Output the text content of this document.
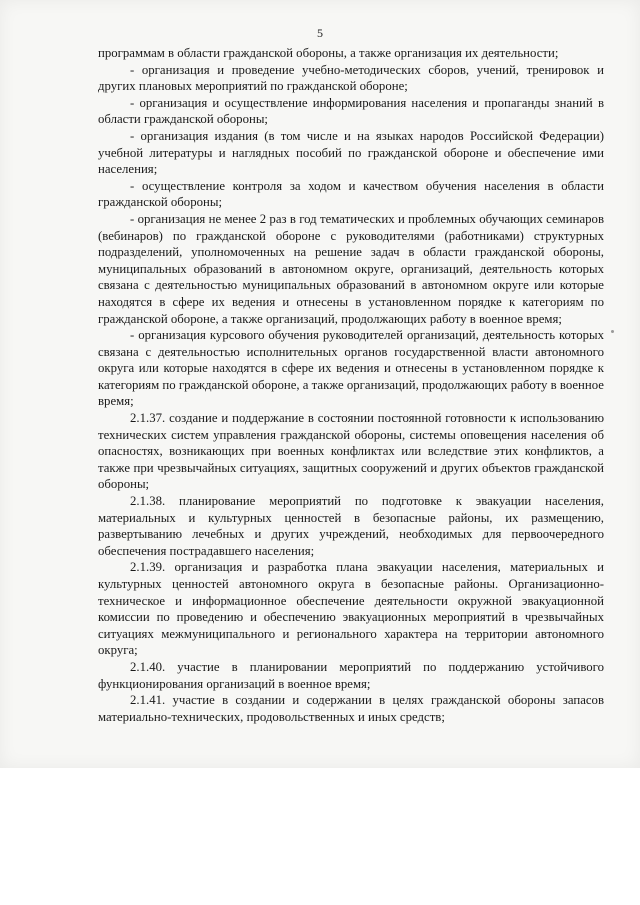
5

программам в области гражданской обороны, а также организация их деятельности;

- организация и проведение учебно-методических сборов, учений, тренировок и других плановых мероприятий по гражданской обороне;

- организация и осуществление информирования населения и пропаганды знаний в области гражданской обороны;

- организация издания (в том числе и на языках народов Российской Федерации) учебной литературы и наглядных пособий по гражданской обороне и обеспечение ими населения;

- осуществление контроля за ходом и качеством обучения населения в области гражданской обороны;

- организация не менее 2 раз в год тематических и проблемных обучающих семинаров (вебинаров) по гражданской обороне с руководителями (работниками) структурных подразделений, уполномоченных на решение задач в области гражданской обороны, муниципальных образований в автономном округе, организаций, деятельность которых связана с деятельностью муниципальных образований в автономном округе или которые находятся в сфере их ведения и отнесены в установленном порядке к категориям по гражданской обороне, а также организаций, продолжающих работу в военное время;

- организация курсового обучения руководителей организаций, деятельность которых связана с деятельностью исполнительных органов государственной власти автономного округа или которые находятся в сфере их ведения и отнесены в установленном порядке к категориям по гражданской обороне, а также организаций, продолжающих работу в военное время;

2.1.37. создание и поддержание в состоянии постоянной готовности к использованию технических систем управления гражданской обороны, системы оповещения населения об опасностях, возникающих при военных конфликтах или вследствие этих конфликтов, а также при чрезвычайных ситуациях, защитных сооружений и других объектов гражданской обороны;

2.1.38. планирование мероприятий по подготовке к эвакуации населения, материальных и культурных ценностей в безопасные районы, их размещению, развертыванию лечебных и других учреждений, необходимых для первоочередного обеспечения пострадавшего населения;

2.1.39. организация и разработка плана эвакуации населения, материальных и культурных ценностей автономного округа в безопасные районы. Организационно-техническое и информационное обеспечение деятельности окружной эвакуационной комиссии по проведению и обеспечению эвакуационных мероприятий в чрезвычайных ситуациях межмуниципального и регионального характера на территории автономного округа;

2.1.40. участие в планировании мероприятий по поддержанию устойчивого функционирования организаций в военное время;

2.1.41. участие в создании и содержании в целях гражданской обороны запасов материально-технических, продовольственных и иных средств;
